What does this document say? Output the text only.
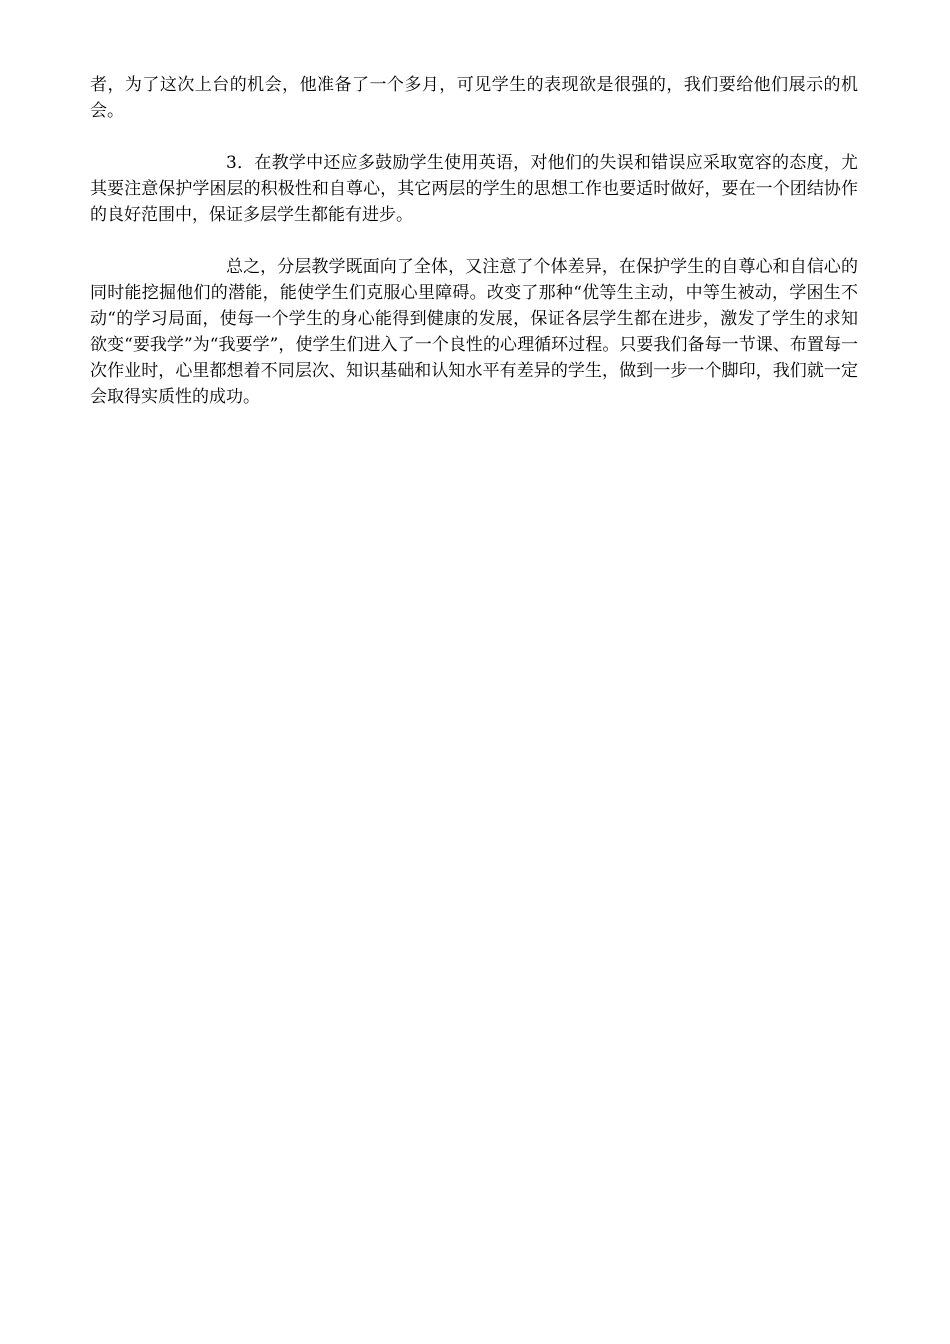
者，为了这次上台的机会，他准备了一个多月，可见学生的表现欲是很强的，我们要给他们展示的机会。

3．在教学中还应多鼓励学生使用英语，对他们的失误和错误应采取宽容的态度，尤其要注意保护学困层的积极性和自尊心，其它两层的学生的思想工作也要适时做好，要在一个团结协作的良好范围中，保证多层学生都能有进步。

总之，分层教学既面向了全体，又注意了个体差异，在保护学生的自尊心和自信心的同时能挖掘他们的潜能，能使学生们克服心里障碍。改变了那种“优等生主动，中等生被动，学困生不动“的学习局面，使每一个学生的身心能得到健康的发展，保证各层学生都在进步，激发了学生的求知欲变“要我学”为“我要学”，使学生们进入了一个良性的心理循环过程。只要我们备每一节课、布置每一次作业时，心里都想着不同层次、知识基础和认知水平有差异的学生，做到一步一个脚印，我们就一定会取得实质性的成功。
